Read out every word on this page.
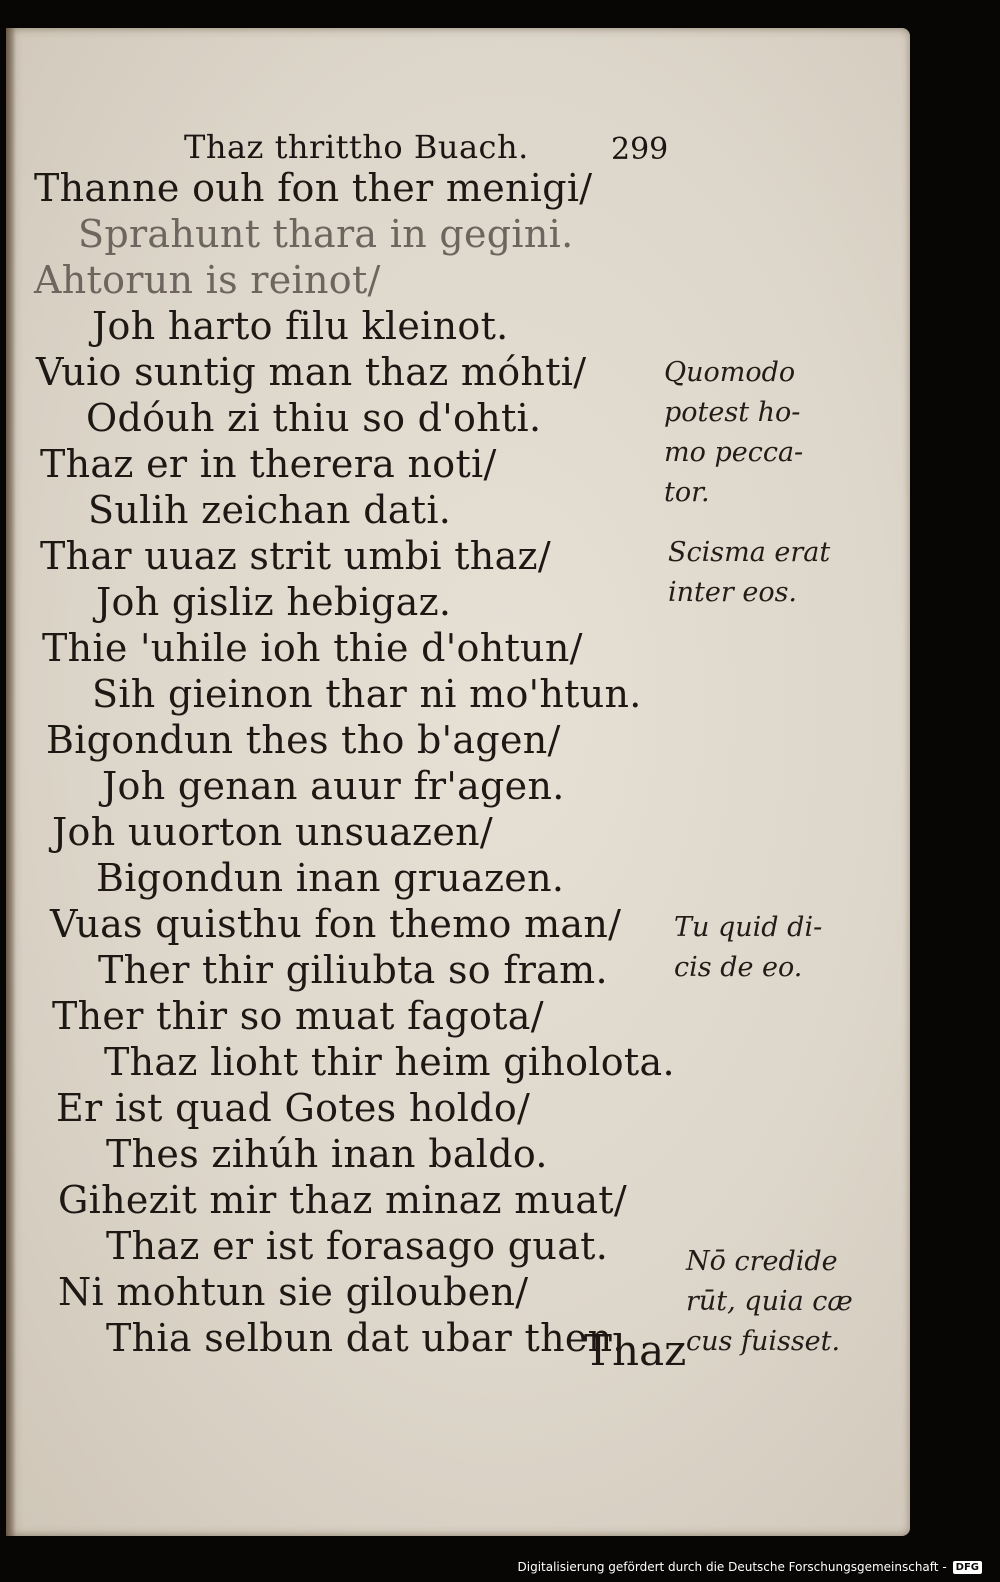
Thaz thrittho Buach.	299
Thanne ouh fon ther menigi/
Sprahunt thara in gegini.
Ahtorun is reinot/
Joh harto filu kleinot.
Vuio suntig man thaz móhti/
Odóuh zi thiu so d'ohti.
Thaz er in therera noti/
Sulih zeichan dati.
Thar uuaz strit umbi thaz/
Joh gisliz hebigaz.
Thie 'uhile ioh thie d'ohtun/
Sih gieinon thar ni mo'htun.
Bigondun thes tho b'agen/
Joh genan auur fr'agen.
Joh uuorton unsuazen/
Bigondun inan gruazen.
Vuas quisthu fon themo man/
Ther thir giliubta so fram.
Ther thir so muat fagota/
Thaz lioht thir heim giholota.
Er ist quad Gotes holdo/
Thes zihúh inan baldo.
Gihezit mir thaz minaz muat/
Thaz er ist forasago guat.
Ni mohtun sie gilouben/
Thia selbun dat ubar then.
Thaz
Quomodo
potest ho-
mo pecca-
tor.
Scisma erat
inter eos.
Tu quid di-
cis de eo.
Nō credide
rūt, quia cæ
cus fuisset.
Digitalisierung gefördert durch die Deutsche Forschungsgemeinschaft - DFG
